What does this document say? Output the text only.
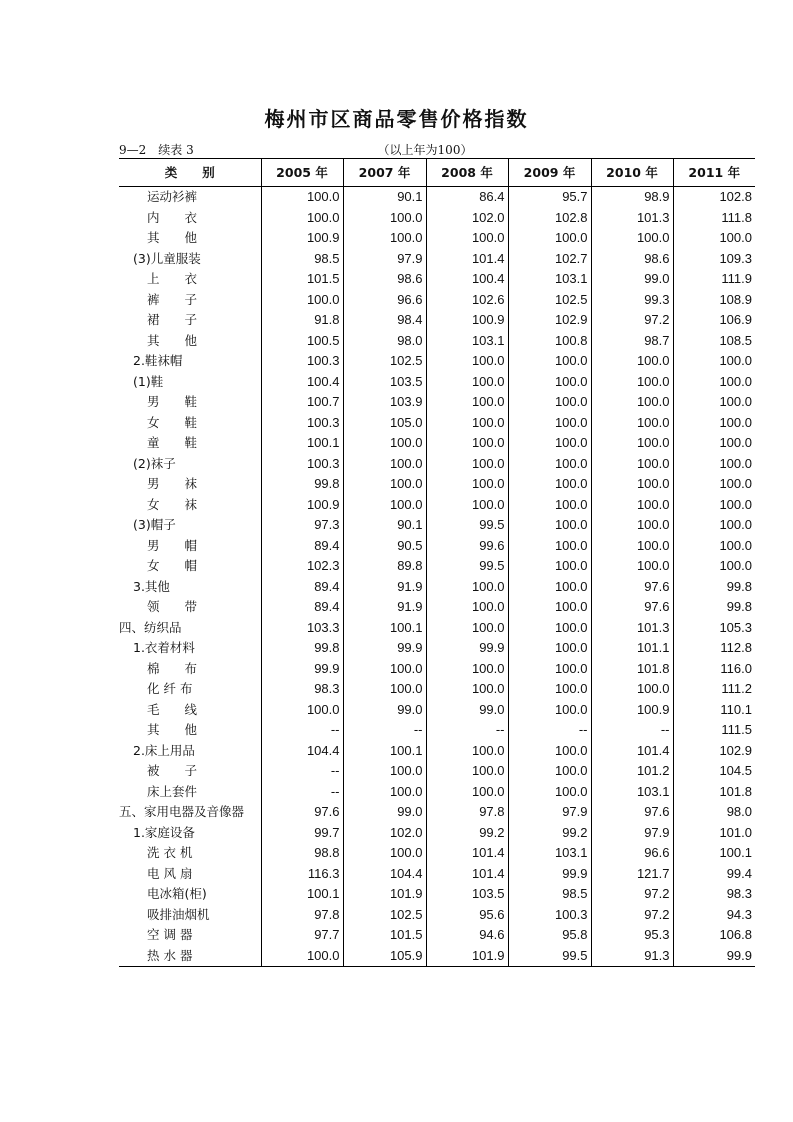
梅州市区商品零售价格指数
9—2　续表 3	（以上年为100）
类　　别	2005 年	2007 年	2008 年	2009 年	2010 年	2011 年
运动衫裤	100.0	90.1	86.4	95.7	98.9	102.8
内　　衣	100.0	100.0	102.0	102.8	101.3	111.8
其　　他	100.9	100.0	100.0	100.0	100.0	100.0
(3)儿童服装	98.5	97.9	101.4	102.7	98.6	109.3
上　　衣	101.5	98.6	100.4	103.1	99.0	111.9
裤　　子	100.0	96.6	102.6	102.5	99.3	108.9
裙　　子	91.8	98.4	100.9	102.9	97.2	106.9
其　　他	100.5	98.0	103.1	100.8	98.7	108.5
2.鞋袜帽	100.3	102.5	100.0	100.0	100.0	100.0
(1)鞋	100.4	103.5	100.0	100.0	100.0	100.0
男　　鞋	100.7	103.9	100.0	100.0	100.0	100.0
女　　鞋	100.3	105.0	100.0	100.0	100.0	100.0
童　　鞋	100.1	100.0	100.0	100.0	100.0	100.0
(2)袜子	100.3	100.0	100.0	100.0	100.0	100.0
男　　袜	99.8	100.0	100.0	100.0	100.0	100.0
女　　袜	100.9	100.0	100.0	100.0	100.0	100.0
(3)帽子	97.3	90.1	99.5	100.0	100.0	100.0
男　　帽	89.4	90.5	99.6	100.0	100.0	100.0
女　　帽	102.3	89.8	99.5	100.0	100.0	100.0
3.其他	89.4	91.9	100.0	100.0	97.6	99.8
领　　带	89.4	91.9	100.0	100.0	97.6	99.8
四、纺织品	103.3	100.1	100.0	100.0	101.3	105.3
1.衣着材料	99.8	99.9	99.9	100.0	101.1	112.8
棉　　布	99.9	100.0	100.0	100.0	101.8	116.0
化 纤 布	98.3	100.0	100.0	100.0	100.0	111.2
毛　　线	100.0	99.0	99.0	100.0	100.9	110.1
其　　他	--	--	--	--	--	111.5
2.床上用品	104.4	100.1	100.0	100.0	101.4	102.9
被　　子	--	100.0	100.0	100.0	101.2	104.5
床上套件	--	100.0	100.0	100.0	103.1	101.8
五、家用电器及音像器	97.6	99.0	97.8	97.9	97.6	98.0
1.家庭设备	99.7	102.0	99.2	99.2	97.9	101.0
洗 衣 机	98.8	100.0	101.4	103.1	96.6	100.1
电 风 扇	116.3	104.4	101.4	99.9	121.7	99.4
电冰箱(柜)	100.1	101.9	103.5	98.5	97.2	98.3
吸排油烟机	97.8	102.5	95.6	100.3	97.2	94.3
空 调 器	97.7	101.5	94.6	95.8	95.3	106.8
热 水 器	100.0	105.9	101.9	99.5	91.3	99.9
